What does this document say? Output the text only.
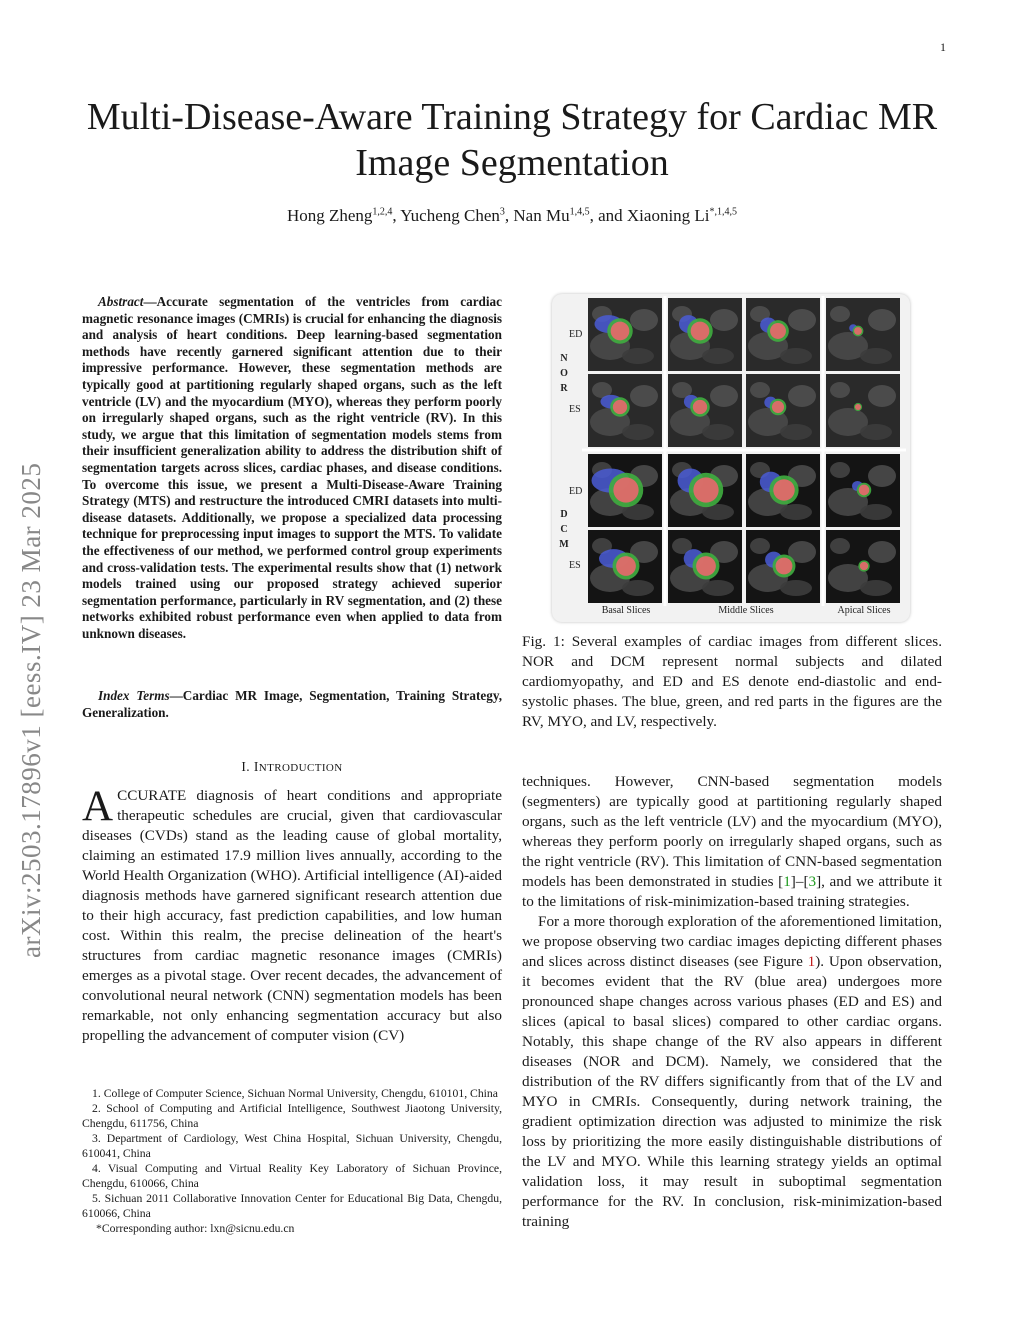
1
arXiv:2503.17896v1 [eess.IV] 23 Mar 2025
Multi-Disease-Aware Training Strategy for Cardiac MR Image Segmentation
Hong Zheng$^{1,2,4}$, Yucheng Chen$^3$, Nan Mu$^{1,4,5}$, and Xiaoning $Li^{*,1,4,5}$
Abstract—Accurate segmentation of the ventricles from cardiac magnetic resonance images (CMRIs) is crucial for enhancing the diagnosis and analysis of heart conditions. Deep learning-based segmentation methods have recently garnered significant attention due to their impressive performance. However, these segmentation methods are typically good at partitioning regularly shaped organs, such as the left ventricle (LV) and the myocardium (MYO), whereas they perform poorly on irregularly shaped organs, such as the right ventricle (RV). In this study, we argue that this limitation of segmentation models stems from their insufficient generalization ability to address the distribution shift of segmentation targets across slices, cardiac phases, and disease conditions. To overcome this issue, we present a Multi-Disease-Aware Training Strategy (MTS) and restructure the introduced CMRI datasets into multi-disease datasets. Additionally, we propose a specialized data processing technique for preprocessing input images to support the MTS. To validate the effectiveness of our method, we performed control group experiments and cross-validation tests. The experimental results show that (1) network models trained using our proposed strategy achieved superior segmentation performance, particularly in RV segmentation, and (2) these networks exhibited robust performance even when applied to data from unknown diseases.
Index Terms—Cardiac MR Image, Segmentation, Training Strategy, Generalization.
I. INTRODUCTION
ACCURATE diagnosis of heart conditions and appropriate therapeutic schedules are crucial, given that cardiovascular diseases (CVDs) stand as the leading cause of global mortality, claiming an estimated 17.9 million lives annually, according to the World Health Organization (WHO). Artificial intelligence (AI)-aided diagnosis methods have garnered significant research attention due to their high accuracy, fast prediction capabilities, and low human cost. Within this realm, the precise delineation of the heart's structures from cardiac magnetic resonance images (CMRIs) emerges as a pivotal stage. Over recent decades, the advancement of convolutional neural network (CNN) segmentation models has been remarkable, not only enhancing segmentation accuracy but also propelling the advancement of computer vision (CV)

1. College of Computer Science, Sichuan Normal University, Chengdu, 610101, China

2. School of Computing and Artificial Intelligence, Southwest Jiaotong University, Chengdu, 611756, China

3. Department of Cardiology, West China Hospital, Sichuan University, Chengdu, 610041, China

4. Visual Computing and Virtual Reality Key Laboratory of Sichuan Province, Chengdu, 610066, China

5. Sichuan 2011 Collaborative Innovation Center for Educational Big Data, Chengdu, 610066, China

*Corresponding author: lxn@sicnu.edu.cn

ED
ES
N
O
R
ED
ES
D
C
M
Basal Slices	Middle Slices	Apical Slices
Fig. 1: Several examples of cardiac images from different slices. NOR and DCM represent normal subjects and dilated cardiomyopathy, and ED and ES denote end-diastolic and end-systolic phases. The blue, green, and red parts in the figures are the RV, MYO, and LV, respectively.

techniques. However, CNN-based segmentation models (segmenters) are typically good at partitioning regularly shaped organs, such as the left ventricle (LV) and the myocardium (MYO), whereas they perform poorly on irregularly shaped organs, such as the right ventricle (RV). This limitation of CNN-based segmentation models has been demonstrated in studies [1]–[3], and we attribute it to the limitations of risk-minimization-based training strategies.

For a more thorough exploration of the aforementioned limitation, we propose observing two cardiac images depicting different phases and slices across distinct diseases (see Figure 1). Upon observation, it becomes evident that the RV (blue area) undergoes more pronounced shape changes across various phases (ED and ES) and slices (apical to basal slices) compared to other cardiac organs. Notably, this shape change of the RV also appears in different diseases (NOR and DCM). Namely, we considered that the distribution of the RV differs significantly from that of the LV and MYO in CMRIs. Consequently, during network training, the gradient optimization direction was adjusted to minimize the risk loss by prioritizing the more easily distinguishable distributions of the LV and MYO. While this learning strategy yields an optimal validation loss, it may result in suboptimal segmentation performance for the RV. In conclusion, risk-minimization-based training
